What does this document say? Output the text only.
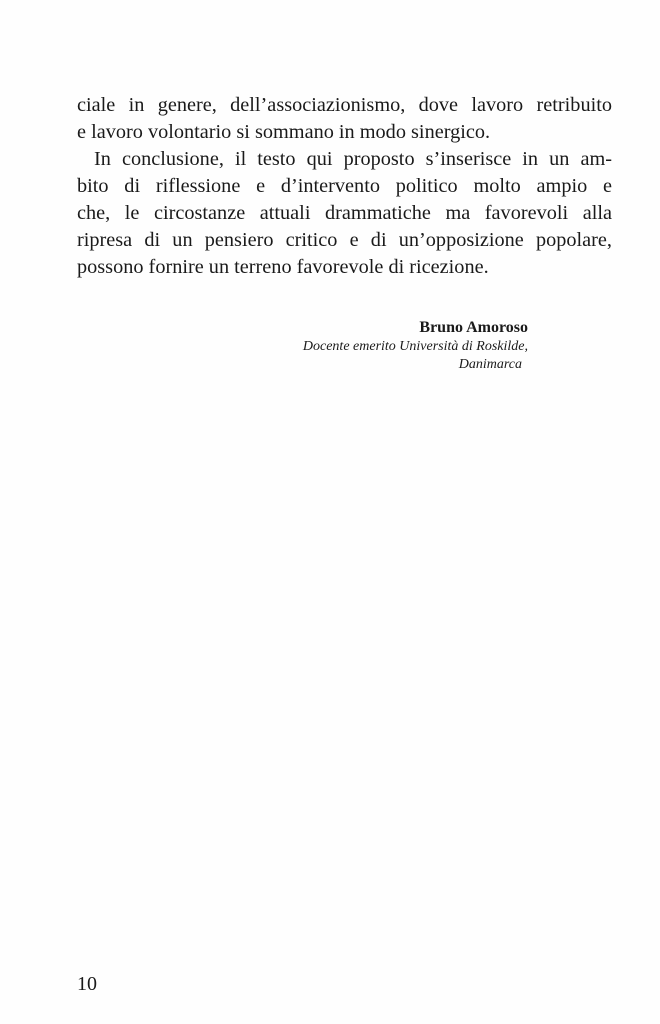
ciale in genere, dell’associazionismo, dove lavoro retribuito
e lavoro volontario si sommano in modo sinergico.
In conclusione, il testo qui proposto s’inserisce in un am-
bito di riflessione e d’intervento politico molto ampio e
che, le circostanze attuali drammatiche ma favorevoli alla
ripresa di un pensiero critico e di un’opposizione popolare,
possono fornire un terreno favorevole di ricezione.
Bruno Amoroso
Docente emerito Università di Roskilde,
Danimarca
10
